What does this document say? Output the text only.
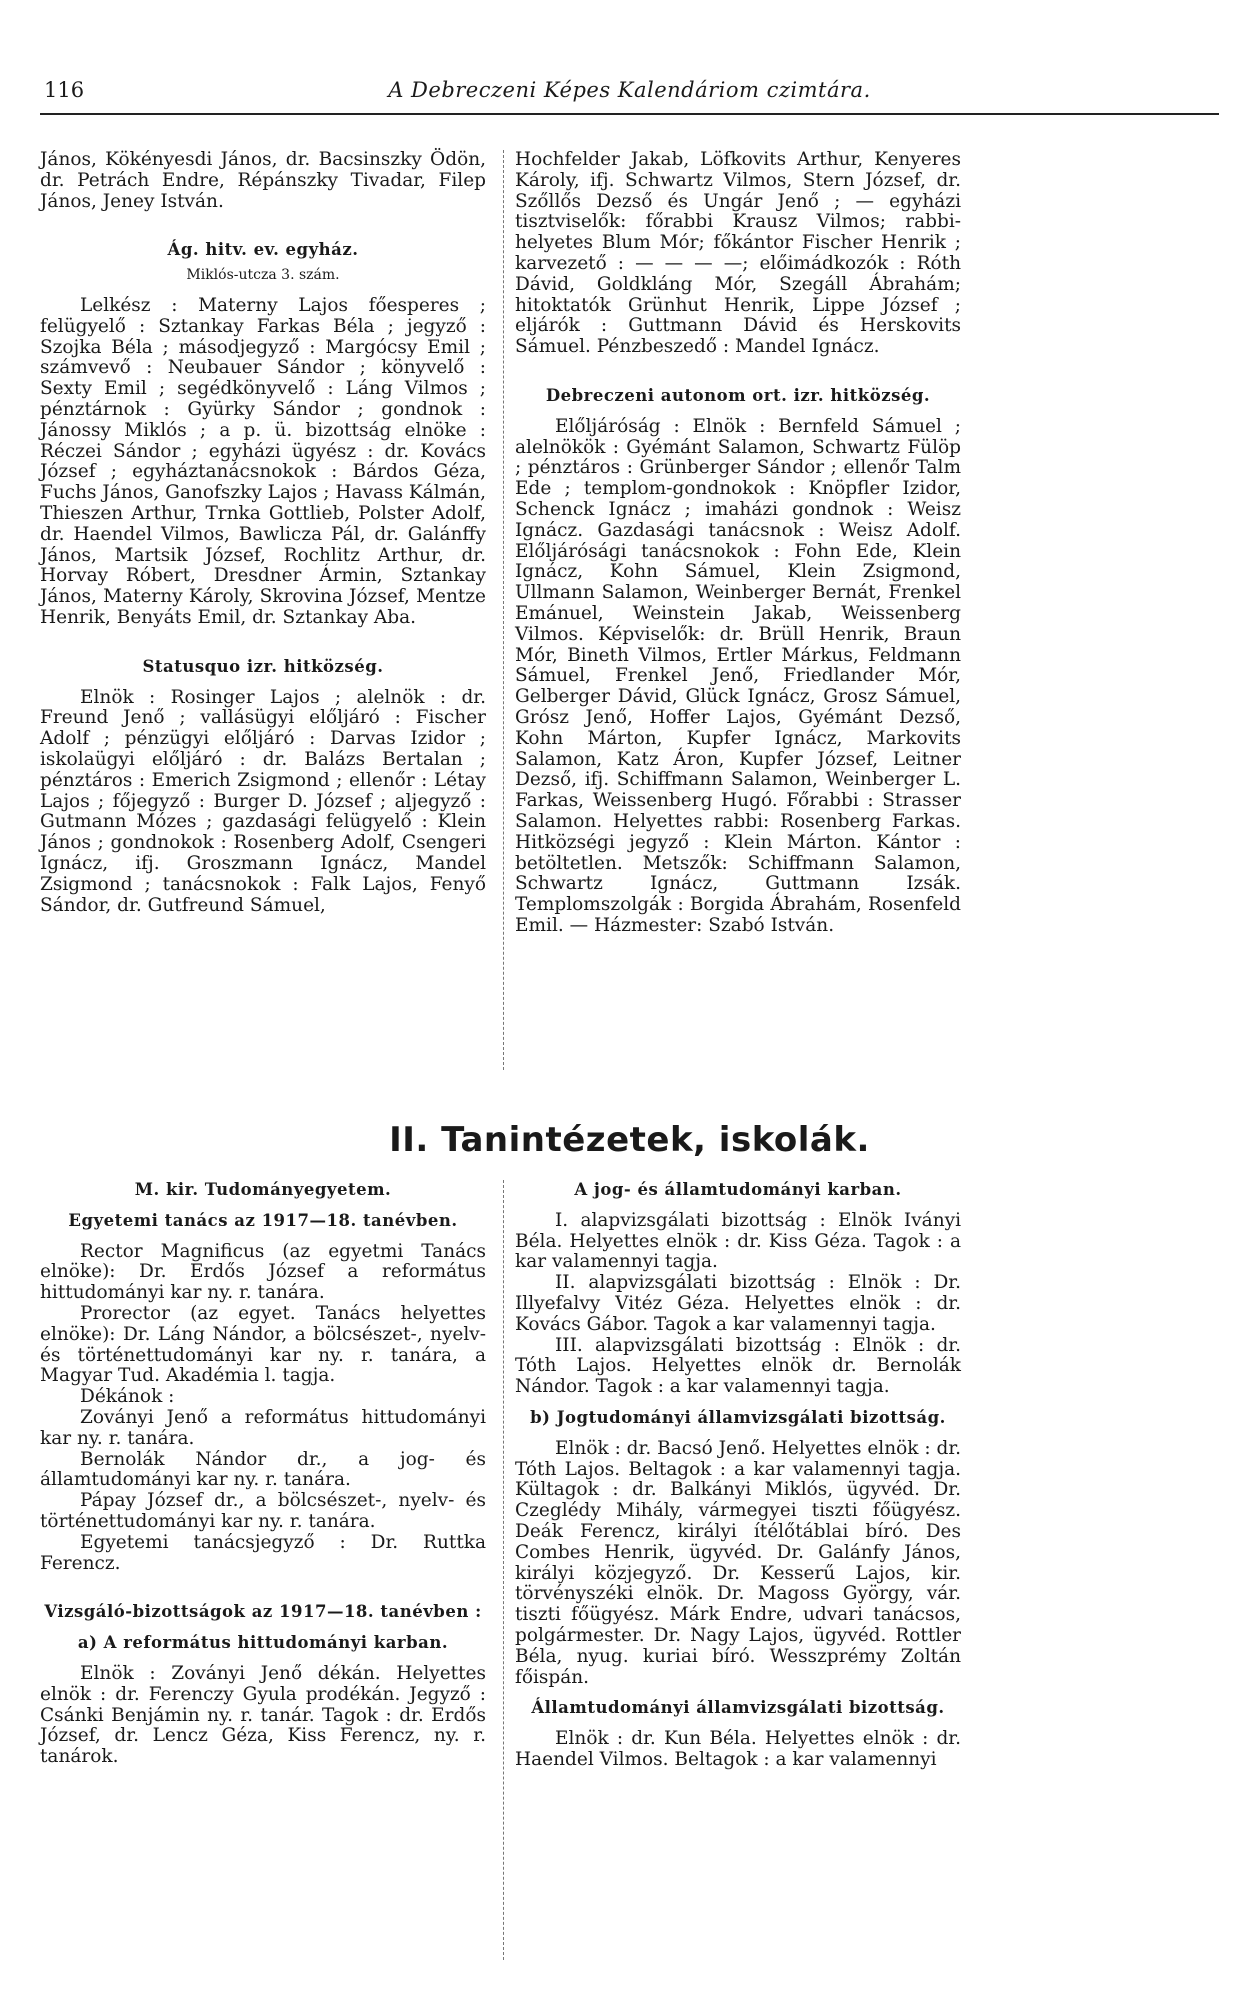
116	A Debreczeni Képes Kalendáriom czimtára.

János, Kökényesdi János, dr. Bacsinszky Ödön, dr. Petrách Endre, Répánszky Tivadar, Filep János, Jeney István.

Ág. hitv. ev. egyház.
Miklós-utcza 3. szám.

Lelkész : Materny Lajos főesperes ; felügyelő : Sztankay Farkas Béla ; jegyző : Szojka Béla ; másodjegyző : Margócsy Emil ; számvevő : Neubauer Sándor ; könyvelő : Sexty Emil ; segédkönyvelő : Láng Vilmos ; pénztárnok : Gyürky Sándor ; gondnok : Jánossy Miklós ; a p. ü. bizottság elnöke : Réczei Sándor ; egyházi ügyész : dr. Kovács József ; egyháztanácsnokok : Bárdos Géza, Fuchs János, Ganofszky Lajos ; Havass Kálmán, Thieszen Arthur, Trnka Gottlieb, Polster Adolf, dr. Haendel Vilmos, Bawlicza Pál, dr. Galánffy János, Martsik József, Rochlitz Arthur, dr. Horvay Róbert, Dresdner Ármin, Sztankay János, Materny Károly, Skrovina József, Mentze Henrik, Benyáts Emil, dr. Sztankay Aba.

Statusquo izr. hitközség.

Elnök : Rosinger Lajos ; alelnök : dr. Freund Jenő ; vallásügyi előljáró : Fischer Adolf ; pénzügyi előljáró : Darvas Izidor ; iskolaügyi előljáró : dr. Balázs Bertalan ; pénztáros : Emerich Zsigmond ; ellenőr : Létay Lajos ; főjegyző : Burger D. József ; aljegyző : Gutmann Mózes ; gazdasági felügyelő : Klein János ; gondnokok : Rosenberg Adolf, Csengeri Ignácz, ifj. Groszmann Ignácz, Mandel Zsigmond ; tanácsnokok : Falk Lajos, Fenyő Sándor, dr. Gutfreund Sámuel,

Hochfelder Jakab, Löfkovits Arthur, Kenyeres Károly, ifj. Schwartz Vilmos, Stern József, dr. Szőllős Dezső és Ungár Jenő ; — egyházi tisztviselők: főrabbi Krausz Vilmos; rabbi-helyetes Blum Mór; főkántor Fischer Henrik ; karvezető : — — — —; előimádkozók : Róth Dávid, Goldkláng Mór, Szegáll Ábrahám; hitoktatók Grünhut Henrik, Lippe József ; eljárók : Guttmann Dávid és Herskovits Sámuel. Pénzbeszedő : Mandel Ignácz.

Debreczeni autonom ort. izr. hitközség.

Előljáróság : Elnök : Bernfeld Sámuel ; alelnökök : Gyémánt Salamon, Schwartz Fülöp ; pénztáros : Grünberger Sándor ; ellenőr Talm Ede ; templom-gondnokok : Knöpfler Izidor, Schenck Ignácz ; imaházi gondnok : Weisz Ignácz. Gazdasági tanácsnok : Weisz Adolf. Előljárósági tanácsnokok : Fohn Ede, Klein Ignácz, Kohn Sámuel, Klein Zsigmond, Ullmann Salamon, Weinberger Bernát, Frenkel Emánuel, Weinstein Jakab, Weissenberg Vilmos. Képviselők: dr. Brüll Henrik, Braun Mór, Bineth Vilmos, Ertler Márkus, Feldmann Sámuel, Frenkel Jenő, Friedlander Mór, Gelberger Dávid, Glück Ignácz, Grosz Sámuel, Grósz Jenő, Hoffer Lajos, Gyémánt Dezső, Kohn Márton, Kupfer Ignácz, Markovits Salamon, Katz Áron, Kupfer József, Leitner Dezső, ifj. Schiffmann Salamon, Weinberger L. Farkas, Weissenberg Hugó. Főrabbi : Strasser Salamon. Helyettes rabbi: Rosenberg Farkas. Hitközségi jegyző : Klein Márton. Kántor : betöltetlen. Metszők: Schiffmann Salamon, Schwartz Ignácz, Guttmann Izsák. Templomszolgák : Borgida Ábrahám, Rosenfeld Emil. — Házmester: Szabó István.

II. Tanintézetek, iskolák.
M. kir. Tudományegyetem.
Egyetemi tanács az 1917—18. tanévben.

Rector Magnificus (az egyetmi Tanács elnöke): Dr. Erdős József a református hittudományi kar ny. r. tanára.

Prorector (az egyet. Tanács helyettes elnöke): Dr. Láng Nándor, a bölcsészet-, nyelv- és történettudományi kar ny. r. tanára, a Magyar Tud. Akadémia l. tagja.

Dékánok :

Zoványi Jenő a református hittudományi kar ny. r. tanára.

Bernolák Nándor dr., a jog- és államtudományi kar ny. r. tanára.

Pápay József dr., a bölcsészet-, nyelv- és történettudományi kar ny. r. tanára.

Egyetemi tanácsjegyző : Dr. Ruttka Ferencz.

Vizsgáló-bizottságok az 1917—18. tanévben :
a) A református hittudományi karban.

Elnök : Zoványi Jenő dékán. Helyettes elnök : dr. Ferenczy Gyula prodékán. Jegyző : Csánki Benjámin ny. r. tanár. Tagok : dr. Erdős József, dr. Lencz Géza, Kiss Ferencz, ny. r. tanárok.

A jog- és államtudományi karban.

I. alapvizsgálati bizottság : Elnök Iványi Béla. Helyettes elnök : dr. Kiss Géza. Tagok : a kar valamennyi tagja.

II. alapvizsgálati bizottság : Elnök : Dr. Illyefalvy Vitéz Géza. Helyettes elnök : dr. Kovács Gábor. Tagok a kar valamennyi tagja.

III. alapvizsgálati bizottság : Elnök : dr. Tóth Lajos. Helyettes elnök dr. Bernolák Nándor. Tagok : a kar valamennyi tagja.

b) Jogtudományi államvizsgálati bizottság.

Elnök : dr. Bacsó Jenő. Helyettes elnök : dr. Tóth Lajos. Beltagok : a kar valamennyi tagja. Kültagok : dr. Balkányi Miklós, ügyvéd. Dr. Czeglédy Mihály, vármegyei tiszti főügyész. Deák Ferencz, királyi ítélőtáblai bíró. Des Combes Henrik, ügyvéd. Dr. Galánfy János, királyi közjegyző. Dr. Kesserű Lajos, kir. törvényszéki elnök. Dr. Magoss György, vár. tiszti főügyész. Márk Endre, udvari tanácsos, polgármester. Dr. Nagy Lajos, ügyvéd. Rottler Béla, nyug. kuriai bíró. Wesszprémy Zoltán főispán.

Államtudományi államvizsgálati bizottság.

Elnök : dr. Kun Béla. Helyettes elnök : dr. Haendel Vilmos. Beltagok : a kar valamennyi
